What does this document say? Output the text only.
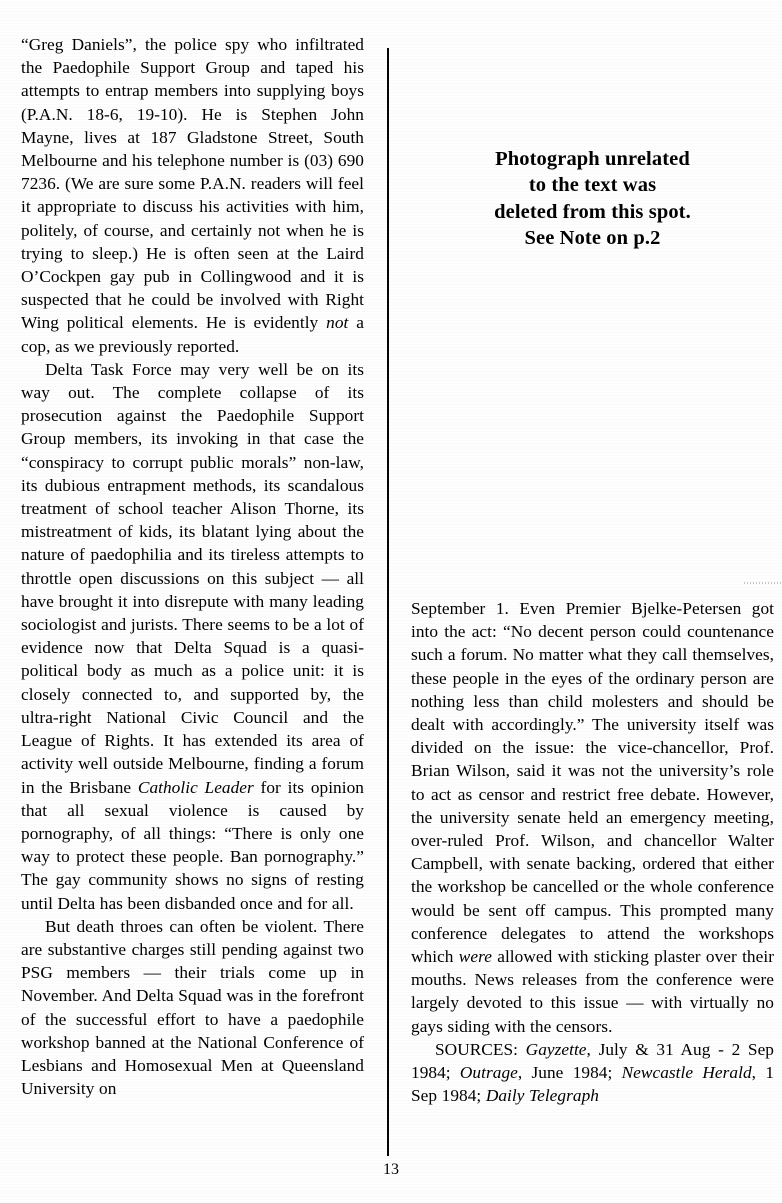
Photograph unrelated
to the text was
deleted from this spot.
See Note on p.2

“Greg Daniels”, the police spy who infiltrated the Paedophile Support Group and taped his attempts to entrap members into supplying boys (P.A.N. 18-6, 19-10). He is Stephen John Mayne, lives at 187 Gladstone Street, South Melbourne and his telephone number is (03) 690 7236. (We are sure some P.A.N. readers will feel it appropriate to discuss his activities with him, politely, of course, and certainly not when he is trying to sleep.) He is often seen at the Laird O’Cockpen gay pub in Collingwood and it is suspected that he could be involved with Right Wing political elements. He is evidently not a cop, as we previously reported.

Delta Task Force may very well be on its way out. The complete collapse of its prosecution against the Paedophile Support Group members, its invoking in that case the “conspiracy to corrupt public morals” non-law, its dubious entrapment methods, its scandalous treatment of school teacher Alison Thorne, its mistreatment of kids, its blatant lying about the nature of paedophilia and its tireless attempts to throttle open discussions on this subject — all have brought it into disrepute with many leading sociologist and jurists. There seems to be a lot of evidence now that Delta Squad is a quasi-political body as much as a police unit: it is closely connected to, and supported by, the ultra-right National Civic Council and the League of Rights. It has extended its area of activity well outside Melbourne, finding a forum in the Brisbane Catholic Leader for its opinion that all sexual violence is caused by pornography, of all things: “There is only one way to protect these people. Ban pornography.” The gay community shows no signs of resting until Delta has been disbanded once and for all.

But death throes can often be violent. There are substantive charges still pending against two PSG members — their trials come up in November. And Delta Squad was in the forefront of the successful effort to have a paedophile workshop banned at the National Conference of Lesbians and Homosexual Men at Queensland University on

September 1. Even Premier Bjelke-Petersen got into the act: “No decent person could countenance such a forum. No matter what they call themselves, these people in the eyes of the ordinary person are nothing less than child molesters and should be dealt with accordingly.” The university itself was divided on the issue: the vice-chancellor, Prof. Brian Wilson, said it was not the university’s role to act as censor and restrict free debate. However, the university senate held an emergency meeting, over-ruled Prof. Wilson, and chancellor Walter Campbell, with senate backing, ordered that either the workshop be cancelled or the whole conference would be sent off campus. This prompted many conference delegates to attend the workshops which were allowed with sticking plaster over their mouths. News releases from the conference were largely devoted to this issue — with virtually no gays siding with the censors.

SOURCES: Gayzette, July & 31 Aug - 2 Sep 1984; Outrage, June 1984; Newcastle Herald, 1 Sep 1984; Daily Telegraph

13
